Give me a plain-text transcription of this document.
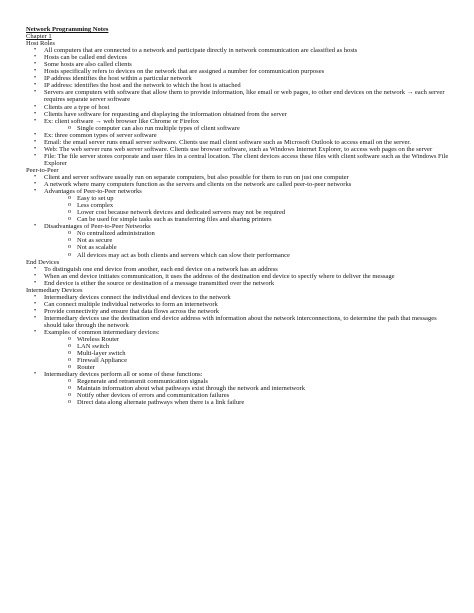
Network Programming Notes
Chapter 1
Host Roles
• All computers that are connected to a network and participate directly in network communication are classified as hosts
• Hosts can be called end devices
• Some hosts are also called clients
• Hosts specifically refers to devices on the network that are assigned a number for communication purposes
• IP address identifies the host within a particular network
• IP address: identifies the host and the network to which the host is attached
• Servers are computers with software that allow them to provide information, like email or web pages, to other end devices on the network → each server requires separate server software
• Clients are a type of host
• Clients have software for requesting and displaying the information obtained from the server
• Ex: client software → web browser like Chrome or Firefox
o Single computer can also run multiple types of client software
• Ex: three common types of server software
• Email: the email server runs email server software. Clients use mail client software such as Microsoft Outlook to access email on the server.
• Web: The web server runs web server software. Clients use browser software, such as Windows Internet Explorer, to access web pages on the server
• File: The file server stores corporate and user files in a central location. The client devices access these files with client software such as the Windows File Explorer
Peer-to-Peer
• Client and server software usually run on separate computers, but also possible for them to run on just one computer
• A network where many computers function as the servers and clients on the network are called peer-to-peer networks
• Advantages of Peer-to-Peer networks
o Easy to set up
o Less complex
o Lower cost because network devices and dedicated servers may not be required
o Can be used for simple tasks such as transferring files and sharing printers
• Disadvantages of Peer-to-Peer Networks
o No centralized administration
o Not as secure
o Not as scalable
o All devices may act as both clients and servers which can slow their performance
End Devices
• To distinguish one end device from another, each end device on a network has an address
• When an end device initiates communication, it uses the address of the destination end device to specify where to deliver the message
• End device is either the source or destination of a message transmitted over the network
Intermediary Devices
• Intermediary devices connect the individual end devices to the network
• Can connect multiple individual networks to form an internetwork
• Provide connectivity and ensure that data flows across the network
• Intermediary devices use the destination end device address with information about the network interconnections, to determine the path that messages should take through the network
• Examples of common intermediary devices:
o Wireless Router
o LAN switch
o Multi-layer switch
o Firewall Appliance
o Router
• Intermediary devices perform all or some of these functions:
o Regenerate and retransmit communication signals
o Maintain information about what pathways exist through the network and internetwork
o Notify other devices of errors and communication failures
o Direct data along alternate pathways when there is a link failure
